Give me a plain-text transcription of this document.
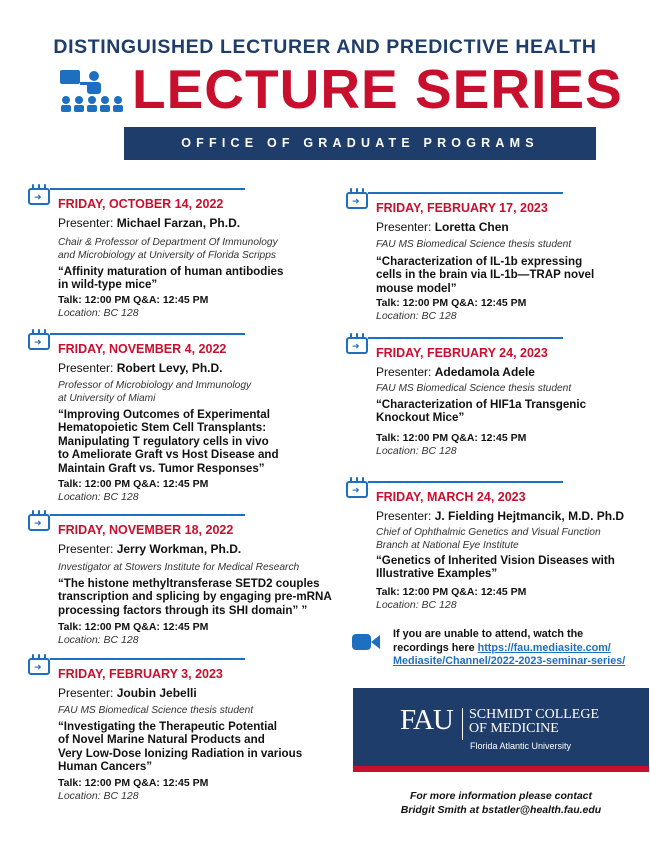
DISTINGUISHED LECTURER AND PREDICTIVE HEALTH
LECTURE SERIES
OFFICE OF GRADUATE PROGRAMS
➜ FRIDAY, OCTOBER 14, 2022
Presenter: Michael Farzan, Ph.D.
Chair & Professor of Department Of Immunology
and Microbiology at University of Florida Scripps
“Affinity maturation of human antibodies
in wild-type mice”
Talk: 12:00 PM Q&A: 12:45 PM
Location: BC 128
➜ FRIDAY, NOVEMBER 4, 2022
Presenter: Robert Levy, Ph.D.
Professor of Microbiology and Immunology
at University of Miami
“Improving Outcomes of Experimental
Hematopoietic Stem Cell Transplants:
Manipulating T regulatory cells in vivo
to Ameliorate Graft vs Host Disease and
Maintain Graft vs. Tumor Responses”
Talk: 12:00 PM Q&A: 12:45 PM
Location: BC 128
➜ FRIDAY, NOVEMBER 18, 2022
Presenter: Jerry Workman, Ph.D.
Investigator at Stowers Institute for Medical Research
“The histone methyltransferase SETD2 couples
transcription and splicing by engaging pre-mRNA
processing factors through its SHI domain” ”
Talk: 12:00 PM Q&A: 12:45 PM
Location: BC 128
➜ FRIDAY, FEBRUARY 3, 2023
Presenter: Joubin Jebelli
FAU MS Biomedical Science thesis student
“Investigating the Therapeutic Potential
of Novel Marine Natural Products and
Very Low-Dose Ionizing Radiation in various
Human Cancers”
Talk: 12:00 PM Q&A: 12:45 PM
Location: BC 128
➜ FRIDAY, FEBRUARY 17, 2023
Presenter: Loretta Chen
FAU MS Biomedical Science thesis student
“Characterization of IL-1b expressing
cells in the brain via IL-1b—TRAP novel
mouse model”
Talk: 12:00 PM Q&A: 12:45 PM
Location: BC 128
➜ FRIDAY, FEBRUARY 24, 2023
Presenter: Adedamola Adele
FAU MS Biomedical Science thesis student
“Characterization of HIF1a Transgenic
Knockout Mice”
Talk: 12:00 PM Q&A: 12:45 PM
Location: BC 128
➜ FRIDAY, MARCH 24, 2023
Presenter: J. Fielding Hejtmancik, M.D. Ph.D
Chief of Ophthalmic Genetics and Visual Function
Branch at National Eye Institute
“Genetics of Inherited Vision Diseases with
Illustrative Examples”
Talk: 12:00 PM Q&A: 12:45 PM
Location: BC 128
If you are unable to attend, watch the
recordings here https://fau.mediasite.com/
Mediasite/Channel/2022-2023-seminar-series/
FAU SCHMIDT COLLEGE
OF MEDICINE
Florida Atlantic University
For more information please contact
Bridgit Smith at bstatler@health.fau.edu
